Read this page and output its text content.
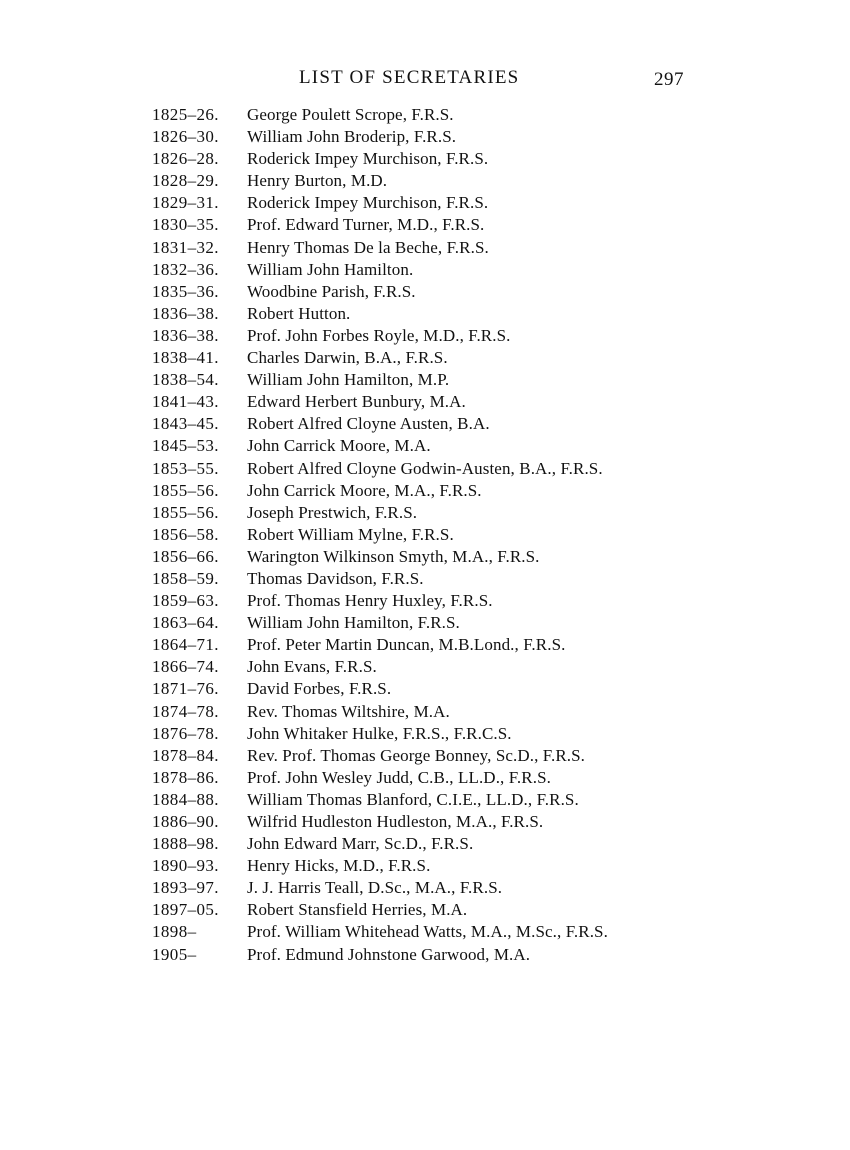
LIST OF SECRETARIES	297
1825–26.	George Poulett Scrope, F.R.S.
1826–30.	William John Broderip, F.R.S.
1826–28.	Roderick Impey Murchison, F.R.S.
1828–29.	Henry Burton, M.D.
1829–31.	Roderick Impey Murchison, F.R.S.
1830–35.	Prof. Edward Turner, M.D., F.R.S.
1831–32.	Henry Thomas De la Beche, F.R.S.
1832–36.	William John Hamilton.
1835–36.	Woodbine Parish, F.R.S.
1836–38.	Robert Hutton.
1836–38.	Prof. John Forbes Royle, M.D., F.R.S.
1838–41.	Charles Darwin, B.A., F.R.S.
1838–54.	William John Hamilton, M.P.
1841–43.	Edward Herbert Bunbury, M.A.
1843–45.	Robert Alfred Cloyne Austen, B.A.
1845–53.	John Carrick Moore, M.A.
1853–55.	Robert Alfred Cloyne Godwin-Austen, B.A., F.R.S.
1855–56.	John Carrick Moore, M.A., F.R.S.
1855–56.	Joseph Prestwich, F.R.S.
1856–58.	Robert William Mylne, F.R.S.
1856–66.	Warington Wilkinson Smyth, M.A., F.R.S.
1858–59.	Thomas Davidson, F.R.S.
1859–63.	Prof. Thomas Henry Huxley, F.R.S.
1863–64.	William John Hamilton, F.R.S.
1864–71.	Prof. Peter Martin Duncan, M.B.Lond., F.R.S.
1866–74.	John Evans, F.R.S.
1871–76.	David Forbes, F.R.S.
1874–78.	Rev. Thomas Wiltshire, M.A.
1876–78.	John Whitaker Hulke, F.R.S., F.R.C.S.
1878–84.	Rev. Prof. Thomas George Bonney, Sc.D., F.R.S.
1878–86.	Prof. John Wesley Judd, C.B., LL.D., F.R.S.
1884–88.	William Thomas Blanford, C.I.E., LL.D., F.R.S.
1886–90.	Wilfrid Hudleston Hudleston, M.A., F.R.S.
1888–98.	John Edward Marr, Sc.D., F.R.S.
1890–93.	Henry Hicks, M.D., F.R.S.
1893–97.	J. J. Harris Teall, D.Sc., M.A., F.R.S.
1897–05.	Robert Stansfield Herries, M.A.
1898–	Prof. William Whitehead Watts, M.A., M.Sc., F.R.S.
1905–	Prof. Edmund Johnstone Garwood, M.A.
